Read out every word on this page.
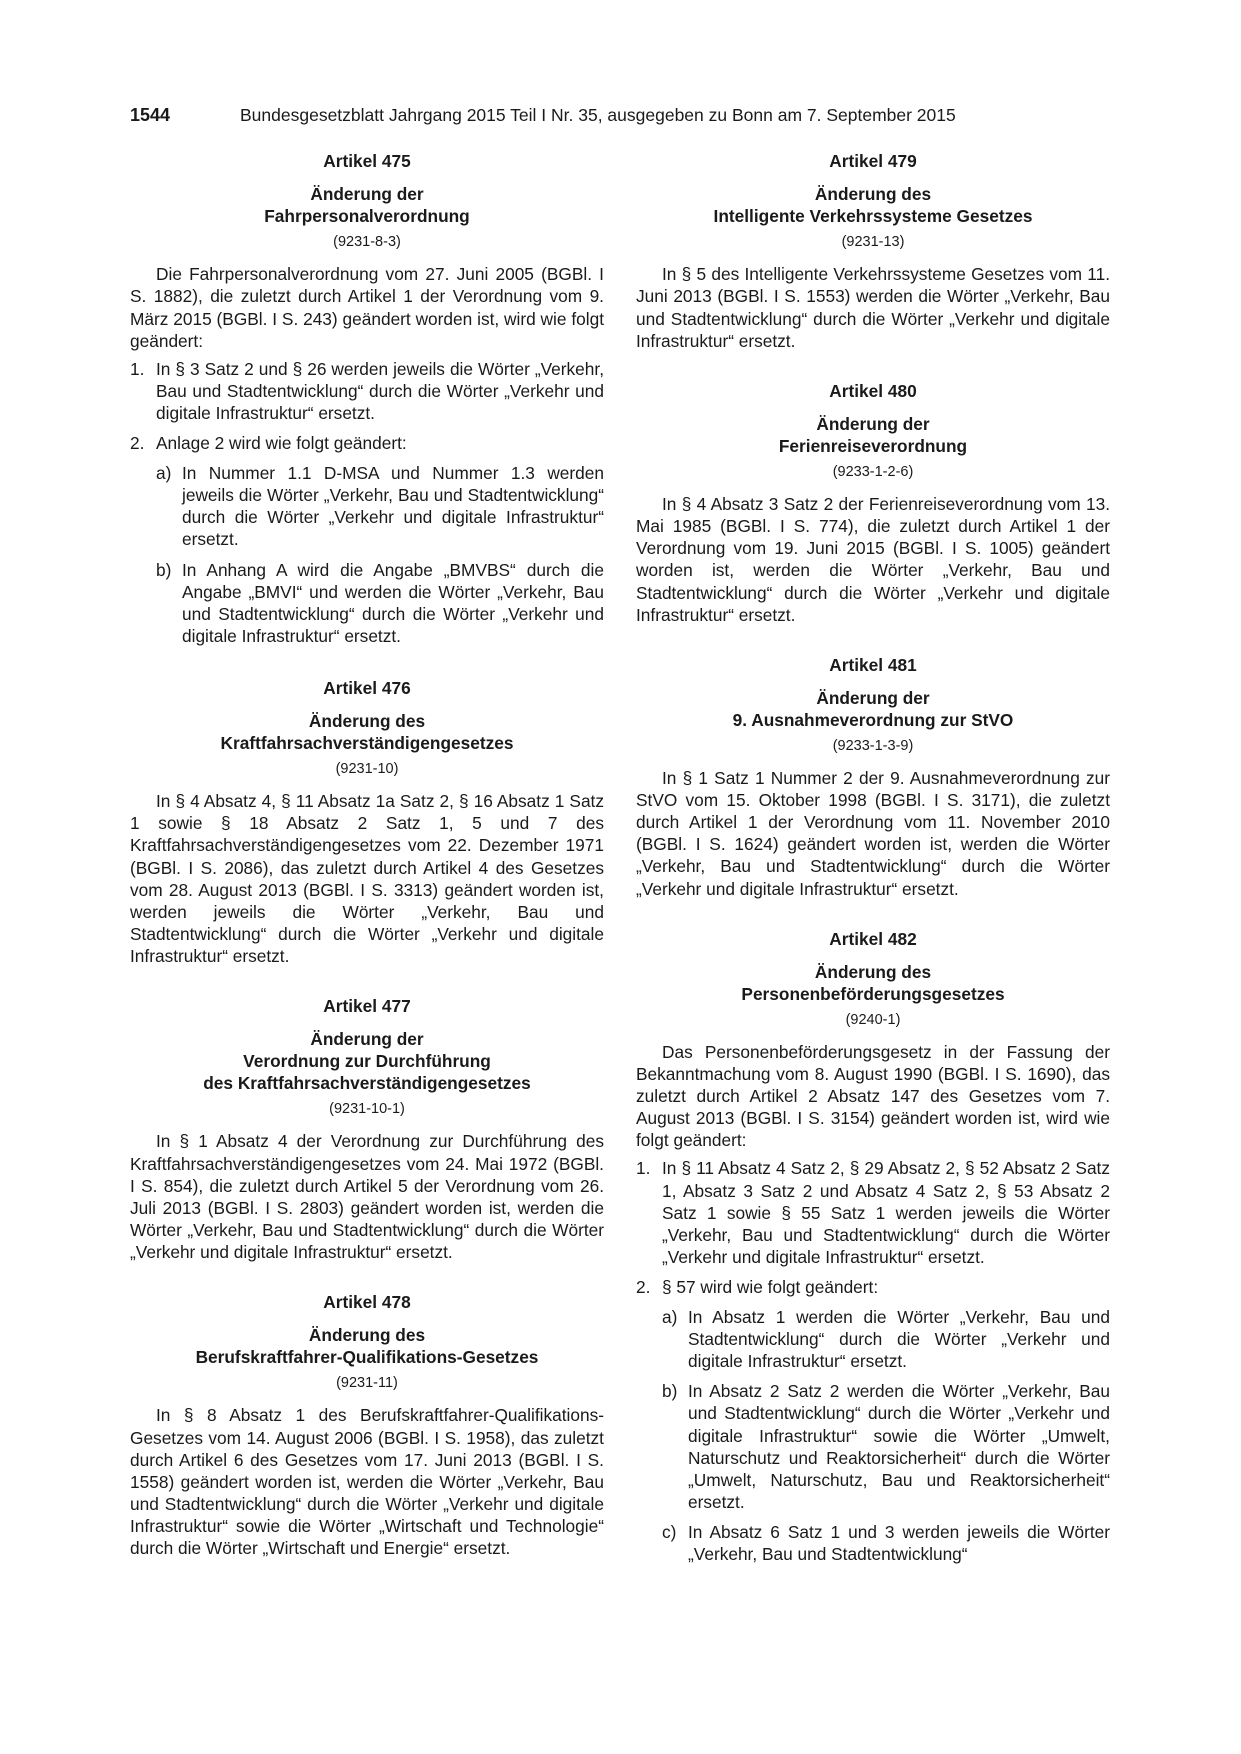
1544	Bundesgesetzblatt Jahrgang 2015 Teil I Nr. 35, ausgegeben zu Bonn am 7. September 2015

Artikel 475

Änderung der

Fahrpersonalverordnung

(9231-8-3)

Die Fahrpersonalverordnung vom 27. Juni 2005 (BGBl. I S. 1882), die zuletzt durch Artikel 1 der Verordnung vom 9. März 2015 (BGBl. I S. 243) geändert worden ist, wird wie folgt geändert:

1. In § 3 Satz 2 und § 26 werden jeweils die Wörter „Verkehr, Bau und Stadtentwicklung“ durch die Wörter „Verkehr und digitale Infrastruktur“ ersetzt.
2. Anlage 2 wird wie folgt geändert:
a) In Nummer 1.1 D-MSA und Nummer 1.3 werden jeweils die Wörter „Verkehr, Bau und Stadtentwicklung“ durch die Wörter „Verkehr und digitale Infrastruktur“ ersetzt.
b) In Anhang A wird die Angabe „BMVBS“ durch die Angabe „BMVI“ und werden die Wörter „Verkehr, Bau und Stadtentwicklung“ durch die Wörter „Verkehr und digitale Infrastruktur“ ersetzt.

Artikel 476

Änderung des

Kraftfahrsachverständigengesetzes

(9231-10)

In § 4 Absatz 4, § 11 Absatz 1a Satz 2, § 16 Absatz 1 Satz 1 sowie § 18 Absatz 2 Satz 1, 5 und 7 des Kraftfahrsachverständigengesetzes vom 22. Dezember 1971 (BGBl. I S. 2086), das zuletzt durch Artikel 4 des Gesetzes vom 28. August 2013 (BGBl. I S. 3313) geändert worden ist, werden jeweils die Wörter „Verkehr, Bau und Stadtentwicklung“ durch die Wörter „Verkehr und digitale Infrastruktur“ ersetzt.

Artikel 477

Änderung der

Verordnung zur Durchführung

des Kraftfahrsachverständigengesetzes

(9231-10-1)

In § 1 Absatz 4 der Verordnung zur Durchführung des Kraftfahrsachverständigengesetzes vom 24. Mai 1972 (BGBl. I S. 854), die zuletzt durch Artikel 5 der Verordnung vom 26. Juli 2013 (BGBl. I S. 2803) geändert worden ist, werden die Wörter „Verkehr, Bau und Stadtentwicklung“ durch die Wörter „Verkehr und digitale Infrastruktur“ ersetzt.

Artikel 478

Änderung des

Berufskraftfahrer-Qualifikations-Gesetzes

(9231-11)

In § 8 Absatz 1 des Berufskraftfahrer-Qualifikations-Gesetzes vom 14. August 2006 (BGBl. I S. 1958), das zuletzt durch Artikel 6 des Gesetzes vom 17. Juni 2013 (BGBl. I S. 1558) geändert worden ist, werden die Wörter „Verkehr, Bau und Stadtentwicklung“ durch die Wörter „Verkehr und digitale Infrastruktur“ sowie die Wörter „Wirtschaft und Technologie“ durch die Wörter „Wirtschaft und Energie“ ersetzt.

Artikel 479

Änderung des

Intelligente Verkehrssysteme Gesetzes

(9231-13)

In § 5 des Intelligente Verkehrssysteme Gesetzes vom 11. Juni 2013 (BGBl. I S. 1553) werden die Wörter „Verkehr, Bau und Stadtentwicklung“ durch die Wörter „Verkehr und digitale Infrastruktur“ ersetzt.

Artikel 480

Änderung der

Ferienreiseverordnung

(9233-1-2-6)

In § 4 Absatz 3 Satz 2 der Ferienreiseverordnung vom 13. Mai 1985 (BGBl. I S. 774), die zuletzt durch Artikel 1 der Verordnung vom 19. Juni 2015 (BGBl. I S. 1005) geändert worden ist, werden die Wörter „Verkehr, Bau und Stadtentwicklung“ durch die Wörter „Verkehr und digitale Infrastruktur“ ersetzt.

Artikel 481

Änderung der

9. Ausnahmeverordnung zur StVO

(9233-1-3-9)

In § 1 Satz 1 Nummer 2 der 9. Ausnahmeverordnung zur StVO vom 15. Oktober 1998 (BGBl. I S. 3171), die zuletzt durch Artikel 1 der Verordnung vom 11. November 2010 (BGBl. I S. 1624) geändert worden ist, werden die Wörter „Verkehr, Bau und Stadtentwicklung“ durch die Wörter „Verkehr und digitale Infrastruktur“ ersetzt.

Artikel 482

Änderung des

Personenbeförderungsgesetzes

(9240-1)

Das Personenbeförderungsgesetz in der Fassung der Bekanntmachung vom 8. August 1990 (BGBl. I S. 1690), das zuletzt durch Artikel 2 Absatz 147 des Gesetzes vom 7. August 2013 (BGBl. I S. 3154) geändert worden ist, wird wie folgt geändert:

1. In § 11 Absatz 4 Satz 2, § 29 Absatz 2, § 52 Absatz 2 Satz 1, Absatz 3 Satz 2 und Absatz 4 Satz 2, § 53 Absatz 2 Satz 1 sowie § 55 Satz 1 werden jeweils die Wörter „Verkehr, Bau und Stadtentwicklung“ durch die Wörter „Verkehr und digitale Infrastruktur“ ersetzt.
2. § 57 wird wie folgt geändert:
a) In Absatz 1 werden die Wörter „Verkehr, Bau und Stadtentwicklung“ durch die Wörter „Verkehr und digitale Infrastruktur“ ersetzt.
b) In Absatz 2 Satz 2 werden die Wörter „Verkehr, Bau und Stadtentwicklung“ durch die Wörter „Verkehr und digitale Infrastruktur“ sowie die Wörter „Umwelt, Naturschutz und Reaktorsicherheit“ durch die Wörter „Umwelt, Naturschutz, Bau und Reaktorsicherheit“ ersetzt.
c) In Absatz 6 Satz 1 und 3 werden jeweils die Wörter „Verkehr, Bau und Stadtentwicklung“
